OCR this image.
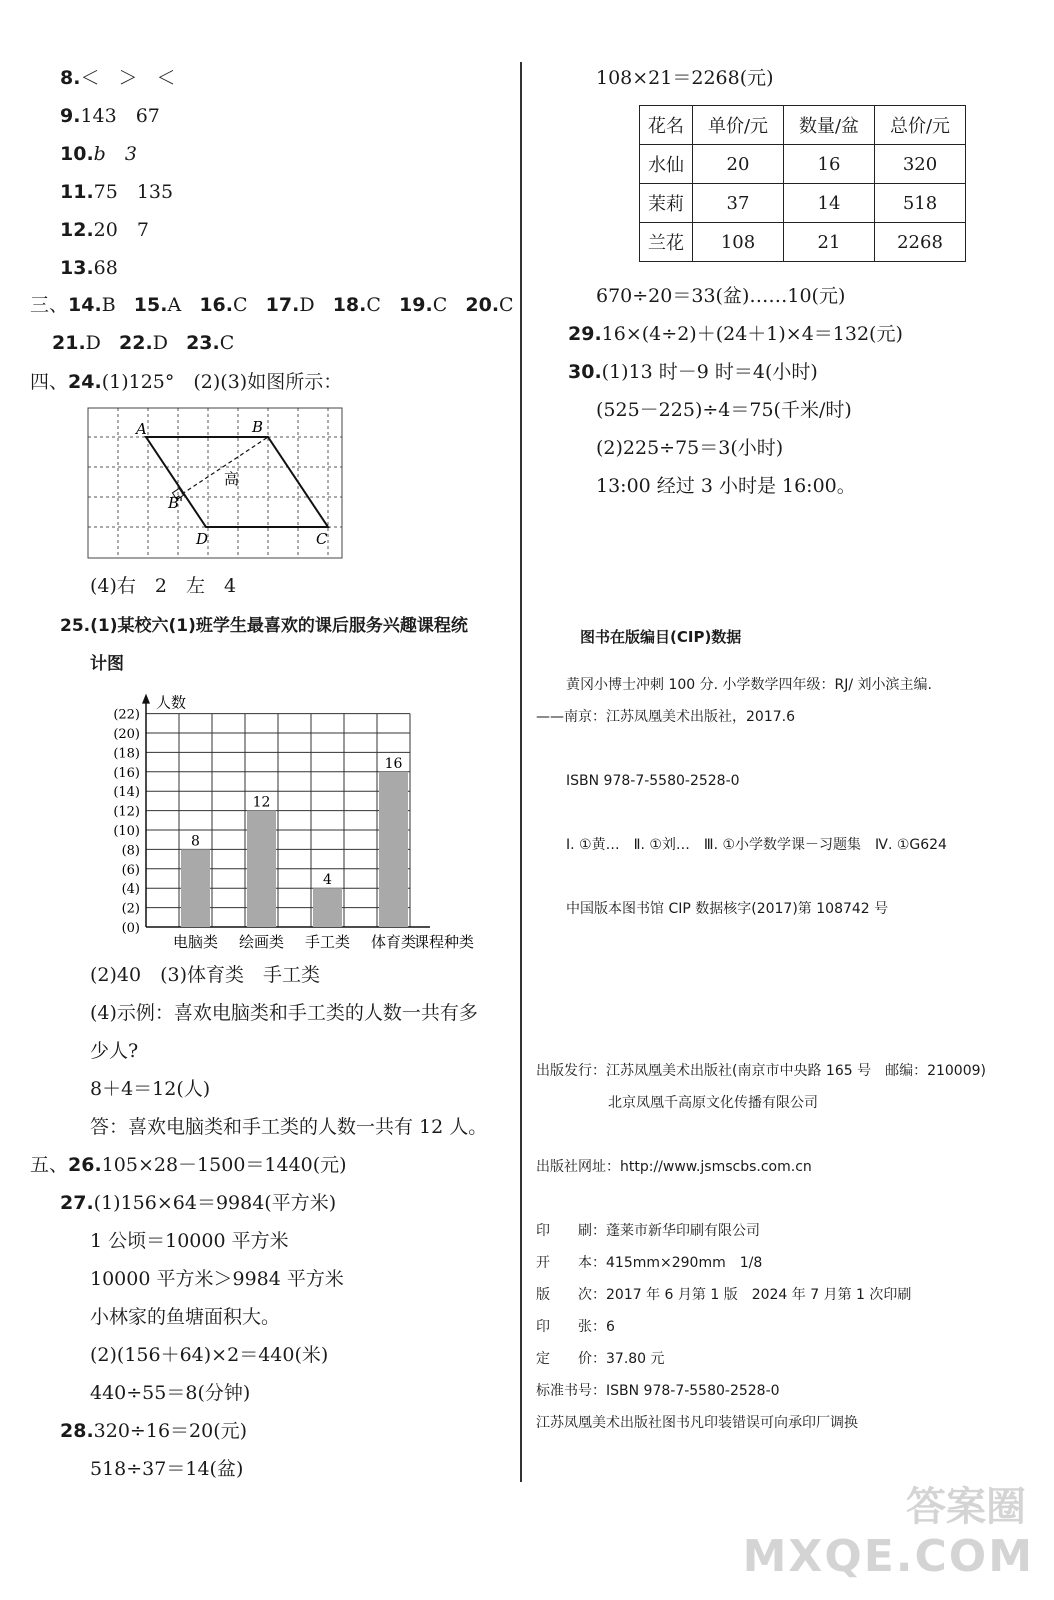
8.＜　＞　＜
9.143　67
10.b　3
11.75　135
12.20　7
13.68
三、14.B 15.A 16.C 17.D 18.C 19.C 20.C
21.D 22.D 23.C
四、24.(1)125°　(2)(3)如图所示：
A	B
B'
高
D	C
(4)右　2　左　4
25.(1)某校六(1)班学生最喜欢的课后服务兴趣课程统
计图
人数
(0)
(2)
(4)
(6)
(8)
(10)
(12)
(14)
(16)
(18)
(20)
(22)
8
电脑类
12
绘画类
4
手工类
16
体育类
课程种类
(2)40　(3)体育类　手工类
(4)示例：喜欢电脑类和手工类的人数一共有多
少人?
8＋4＝12(人)
答：喜欢电脑类和手工类的人数一共有 12 人。
五、26.105×28－1500＝1440(元)
27.(1)156×64＝9984(平方米)
1 公顷＝10000 平方米
10000 平方米＞9984 平方米
小林家的鱼塘面积大。
(2)(156＋64)×2＝440(米)
440÷55＝8(分钟)
28.320÷16＝20(元)
518÷37＝14(盆)
108×21＝2268(元)
花名	单价/元	数量/盆	总价/元
水仙	20	16	320
茉莉	37	14	518
兰花	108	21	2268
670÷20＝33(盆)……10(元)
29.16×(4÷2)＋(24＋1)×4＝132(元)
30.(1)13 时－9 时＝4(小时)
(525－225)÷4＝75(千米/时)
(2)225÷75＝3(小时)
13:00 经过 3 小时是 16:00。
图书在版编目(CIP)数据
黄冈小博士冲刺 100 分. 小学数学四年级：RJ/ 刘小滨主编.
——南京：江苏凤凰美术出版社，2017.6
ISBN 978-7-5580-2528-0
Ⅰ. ①黄…　Ⅱ. ①刘…　Ⅲ. ①小学数学课－习题集　Ⅳ. ①G624
中国版本图书馆 CIP 数据核字(2017)第 108742 号
出版发行：江苏凤凰美术出版社(南京市中央路 165 号　邮编：210009)
北京凤凰千高原文化传播有限公司
出版社网址：http://www.jsmscbs.com.cn
印　　刷：蓬莱市新华印刷有限公司
开　　本：415mm×290mm　1/8
版　　次：2017 年 6 月第 1 版　2024 年 7 月第 1 次印刷
印　　张：6
定　　价：37.80 元
标准书号：ISBN 978-7-5580-2528-0
江苏凤凰美术出版社图书凡印装错误可向承印厂调换
答案圈
MXQE.COM
